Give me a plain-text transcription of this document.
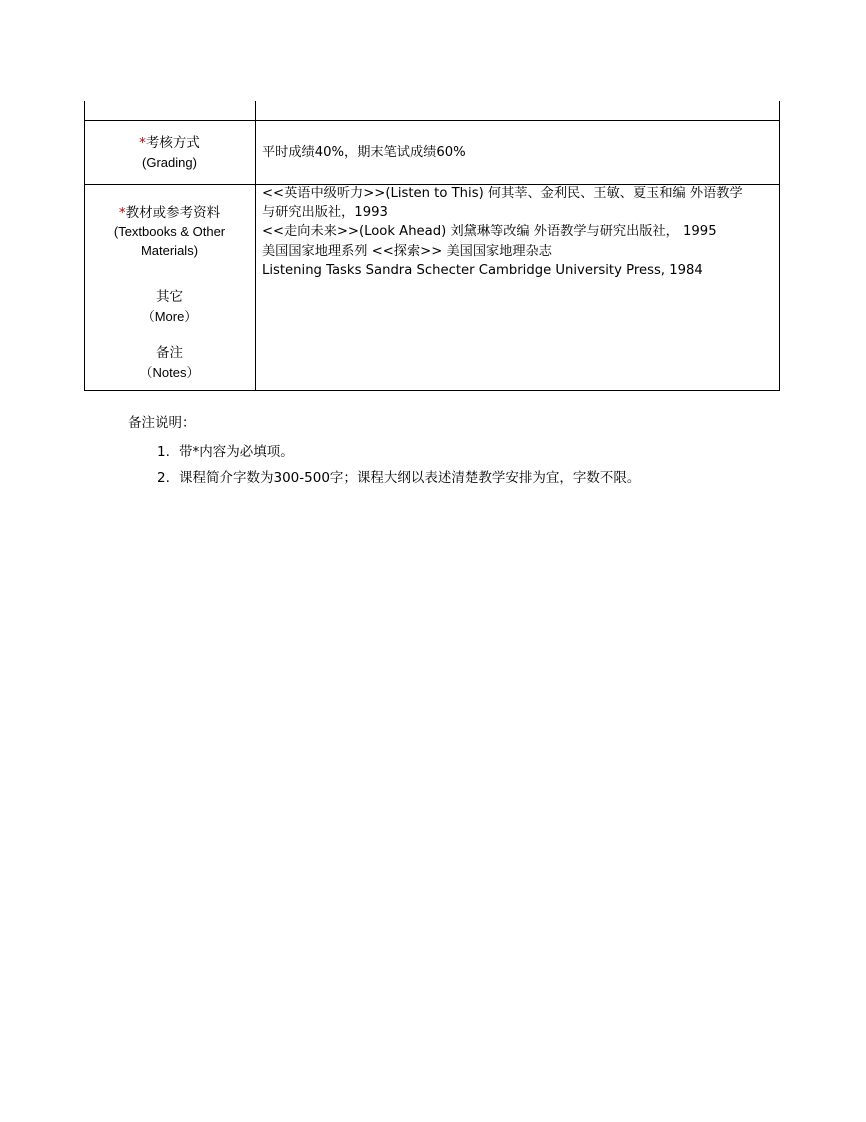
*考核方式
(Grading)
平时成绩40%，期末笔试成绩60%
*教材或参考资料
(Textbooks & Other Materials)
<<英语中级听力>>(Listen to This) 何其莘、金利民、王敏、夏玉和编 外语教学
与研究出版社，1993
<<走向未来>>(Look Ahead) 刘黛琳等改编 外语教学与研究出版社， 1995
美国国家地理系列 <<探索>> 美国国家地理杂志
Listening Tasks Sandra Schecter Cambridge University Press, 1984
其它
（More）
备注
（Notes）
备注说明：
1. 带*内容为必填项。
2. 课程简介字数为300-500字；课程大纲以表述清楚教学安排为宜，字数不限。
